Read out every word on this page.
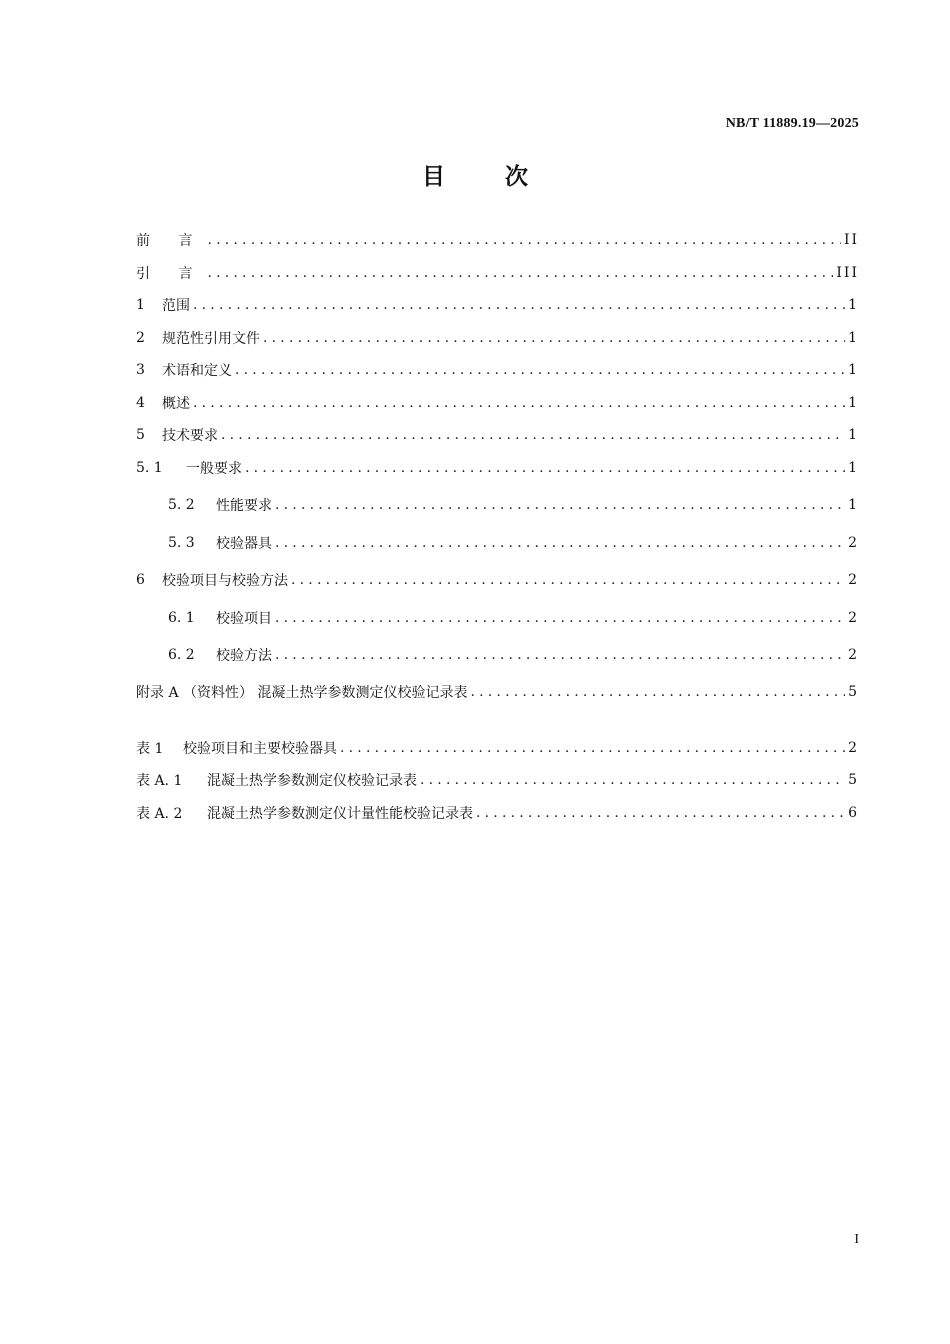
NB/T 11889.19—2025
目 次
前 言 .....	II
引 言 .....	III
1	范围 .....	1
2	规范性引用文件 .....	1
3	术语和定义 .....	1
4	概述 .....	1
5	技术要求 .....	1
5. 1	一般要求 .....	1
5. 2	性能要求 .....	1
5. 3	校验器具 .....	2
6	校验项目与校验方法 .....	2
6. 1	校验项目 .....	2
6. 2	校验方法 .....	2
附录 A （资料性） 混凝土热学参数测定仪校验记录表 .....	5
表 1	校验项目和主要校验器具 .....	2
表 A. 1	混凝土热学参数测定仪校验记录表 .....	5
表 A. 2	混凝土热学参数测定仪计量性能校验记录表 .....	6
I
